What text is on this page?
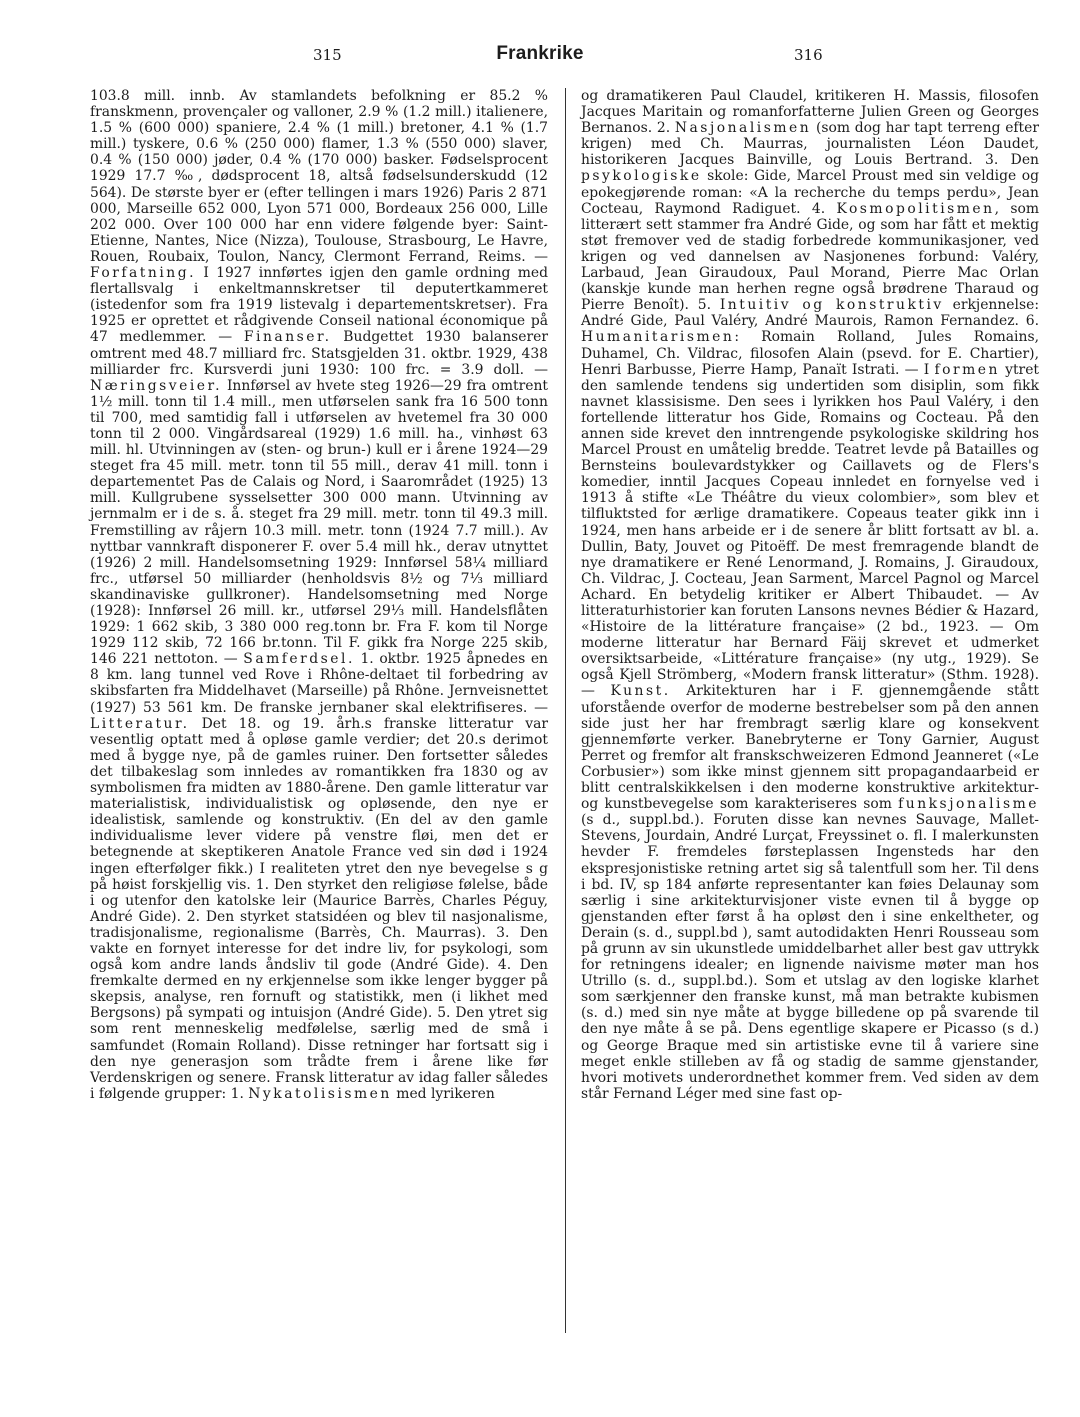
315	Frankrike	316

103.8 mill. innb. Av stamlandets befolkning er 85.2 % franskmenn, provençaler og valloner, 2.9 % (1.2 mill.) italienere, 1.5 % (600 000) spaniere, 2.4 % (1 mill.) bretoner, 4.1 % (1.7 mill.) tyskere, 0.6 % (250 000) flamer, 1.3 % (550 000) slaver, 0.4 % (150 000) jøder, 0.4 % (170 000) basker. Fødselsprocent 1929 17.7 ‰, dødsprocent 18, altså fødselsunderskudd (12 564). De største byer er (efter tellingen i mars 1926) Paris 2 871 000, Marseille 652 000, Lyon 571 000, Bordeaux 256 000, Lille 202 000. Over 100 000 har enn videre følgende byer: Saint-Etienne, Nantes, Nice (Nizza), Toulouse, Strasbourg, Le Havre, Rouen, Roubaix, Toulon, Nancy, Clermont Ferrand, Reims. — Forfatning. I 1927 innførtes igjen den gamle ordning med flertallsvalg i enkeltmannskretser til deputertkammeret (istedenfor som fra 1919 listevalg i departementskretser). Fra 1925 er oprettet et rådgivende Conseil national économique på 47 medlemmer. — Finanser. Budgettet 1930 balanserer omtrent med 48.7 milliard frc. Statsgjelden 31. oktbr. 1929, 438 milliarder frc. Kursverdi juni 1930: 100 frc. = 3.9 doll. — Næringsveier. Innførsel av hvete steg 1926—29 fra omtrent 1½ mill. tonn til 1.4 mill., men utførselen sank fra 16 500 tonn til 700, med samtidig fall i utførselen av hvetemel fra 30 000 tonn til 2 000. Vingårdsareal (1929) 1.6 mill. ha., vinhøst 63 mill. hl. Utvinningen av (sten- og brun-) kull er i årene 1924—29 steget fra 45 mill. metr. tonn til 55 mill., derav 41 mill. tonn i departementet Pas de Calais og Nord, i Saarområdet (1925) 13 mill. Kullgrubene sysselsetter 300 000 mann. Utvinning av jernmalm er i de s. å. steget fra 29 mill. metr. tonn til 49.3 mill. Fremstilling av råjern 10.3 mill. metr. tonn (1924 7.7 mill.). Av nyttbar vannkraft disponerer F. over 5.4 mill hk., derav utnyttet (1926) 2 mill. Handelsomsetning 1929: Innførsel 58¼ milliard frc., utførsel 50 milliarder (henholdsvis 8½ og 7⅓ milliard skandinaviske gullkroner). Handelsomsetning med Norge (1928): Innførsel 26 mill. kr., utførsel 29⅓ mill. Handelsflåten 1929: 1 662 skib, 3 380 000 reg.tonn br. Fra F. kom til Norge 1929 112 skib, 72 166 br.tonn. Til F. gikk fra Norge 225 skib, 146 221 nettoton. — Samferdsel. 1. oktbr. 1925 åpnedes en 8 km. lang tunnel ved Rove i Rhône-deltaet til forbedring av skibsfarten fra Middelhavet (Marseille) på Rhône. Jernveisnettet (1927) 53 561 km. De franske jernbaner skal elektrifiseres. — Litteratur. Det 18. og 19. årh.s franske litteratur var vesentlig optatt med å opløse gamle verdier; det 20.s derimot med å bygge nye, på de gamles ruiner. Den fortsetter således det tilbakeslag som innledes av romantikken fra 1830 og av symbolismen fra midten av 1880-årene. Den gamle litteratur var materialistisk, individualistisk og opløsende, den nye er idealistisk, samlende og konstruktiv. (En del av den gamle individualisme lever videre på venstre fløi, men det er betegnende at skeptikeren Anatole France ved sin død i 1924 ingen efterfølger fikk.) I realiteten ytret den nye bevegelse s g på høist forskjellig vis. 1. Den styrket den religiøse følelse, både i og utenfor den katolske leir (Maurice Barrès, Charles Péguy, André Gide). 2. Den styrket statsidéen og blev til nasjonalisme, tradisjonalisme, regionalisme (Barrès, Ch. Maurras). 3. Den vakte en fornyet interesse for det indre liv, for psykologi, som også kom andre lands åndsliv til gode (André Gide). 4. Den fremkalte dermed en ny erkjennelse som ikke lenger bygger på skepsis, analyse, ren fornuft og statistikk, men (i likhet med Bergsons) på sympati og intuisjon (André Gide). 5. Den ytret sig som rent menneskelig medfølelse, særlig med de små i samfundet (Romain Rolland). Disse retninger har fortsatt sig i den nye generasjon som trådte frem i årene like før Verdenskrigen og senere. Fransk litteratur av idag faller således i følgende grupper: 1. Nykatolisismen med lyrikeren

og dramatikeren Paul Claudel, kritikeren H. Massis, filosofen Jacques Maritain og romanforfatterne Julien Green og Georges Bernanos. 2. Nasjonalismen (som dog har tapt terreng efter krigen) med Ch. Maurras, journalisten Léon Daudet, historikeren Jacques Bainville, og Louis Bertrand. 3. Den psykologiske skole: Gide, Marcel Proust med sin veldige og epokegjørende roman: «A la recherche du temps perdu», Jean Cocteau, Raymond Radiguet. 4. Kosmopolitismen, som litterært sett stammer fra André Gide, og som har fått et mektig støt fremover ved de stadig forbedrede kommunikasjoner, ved krigen og ved dannelsen av Nasjonenes forbund: Valéry, Larbaud, Jean Giraudoux, Paul Morand, Pierre Mac Orlan (kanskje kunde man herhen regne også brødrene Tharaud og Pierre Benoît). 5. Intuitiv og konstruktiv erkjennelse: André Gide, Paul Valéry, André Maurois, Ramon Fernandez. 6. Humanitarismen: Romain Rolland, Jules Romains, Duhamel, Ch. Vildrac, filosofen Alain (psevd. for E. Chartier), Henri Barbusse, Pierre Hamp, Panaït Istrati. — I formen ytret den samlende tendens sig undertiden som disiplin, som fikk navnet klassisisme. Den sees i lyrikken hos Paul Valéry, i den fortellende litteratur hos Gide, Romains og Cocteau. På den annen side krevet den inntrengende psykologiske skildring hos Marcel Proust en umåtelig bredde. Teatret levde på Batailles og Bernsteins boulevardstykker og Caillavets og de Flers's komedier, inntil Jacques Copeau innledet en fornyelse ved i 1913 å stifte «Le Théâtre du vieux colombier», som blev et tilfluktsted for ærlige dramatikere. Copeaus teater gikk inn i 1924, men hans arbeide er i de senere år blitt fortsatt av bl. a. Dullin, Baty, Jouvet og Pitoëff. De mest fremragende blandt de nye dramatikere er René Lenormand, J. Romains, J. Giraudoux, Ch. Vildrac, J. Cocteau, Jean Sarment, Marcel Pagnol og Marcel Achard. En betydelig kritiker er Albert Thibaudet. — Av litteraturhistorier kan foruten Lansons nevnes Bédier & Hazard, «Histoire de la littérature française» (2 bd., 1923. — Om moderne litteratur har Bernard Fäij skrevet et udmerket oversiktsarbeide, «Littérature française» (ny utg., 1929). Se også Kjell Strömberg, «Modern fransk litteratur» (Sthm. 1928). — Kunst. Arkitekturen har i F. gjennemgående stått uforstående overfor de moderne bestrebelser som på den annen side just her har frembragt særlig klare og konsekvent gjennemførte verker. Banebryterne er Tony Garnier, August Perret og fremfor alt franskschweizeren Edmond Jeanneret («Le Corbusier») som ikke minst gjennem sitt propagandaarbeid er blitt centralskikkelsen i den moderne konstruktive arkitektur- og kunstbevegelse som karakteriseres som funksjonalisme (s d., suppl.bd.). Foruten disse kan nevnes Sauvage, Mallet-Stevens, Jourdain, André Lurçat, Freyssinet o. fl. I malerkunsten hevder F. fremdeles førsteplassen Ingensteds har den ekspresjonistiske retning artet sig så talentfull som her. Til dens i bd. IV, sp 184 anførte representanter kan føies Delaunay som særlig i sine arkitekturvisjoner viste evnen til å bygge op gjenstanden efter først å ha opløst den i sine enkeltheter, og Derain (s. d., suppl.bd ), samt autodidakten Henri Rousseau som på grunn av sin ukunstlede umiddelbarhet aller best gav uttrykk for retningens idealer; en lignende naivisme møter man hos Utrillo (s. d., suppl.bd.). Som et utslag av den logiske klarhet som særkjenner den franske kunst, må man betrakte kubismen (s. d.) med sin nye måte at bygge billedene op på svarende til den nye måte å se på. Dens egentlige skapere er Picasso (s d.) og George Braque med sin artistiske evne til å variere sine meget enkle stilleben av få og stadig de samme gjenstander, hvori motivets underordnethet kommer frem. Ved siden av dem står Fernand Léger med sine fast op-
